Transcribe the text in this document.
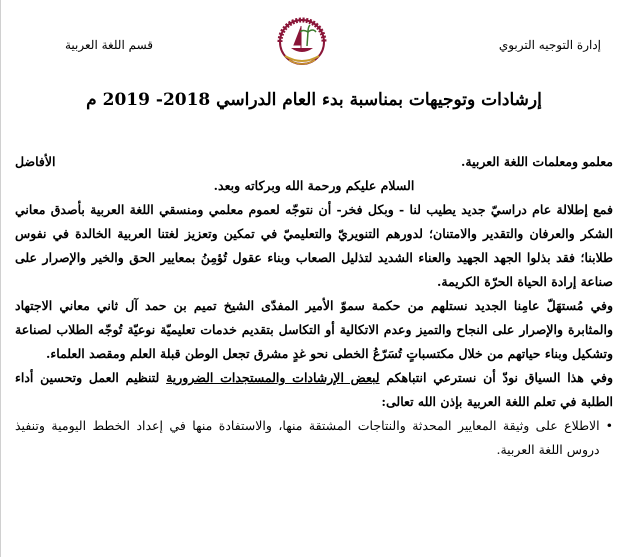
إدارة التوجيه التربوي
قسم اللغة العربية
إرشادات وتوجيهات بمناسبة بدء العام الدراسي 2018- 2019 م
معلمو ومعلمات اللغة العربية.
الأفاضل
السلام عليكم ورحمة الله وبركاته وبعد.

فمع إطلالة عام دراسيّ جديد يطيب لنا - وبكل فخر- أن نتوجّه لعموم معلمي ومنسقي اللغة العربية بأصدق معاني الشكر والعرفان والتقدير والامتنان؛ لدورهم التنويريّ والتعليميّ في تمكين وتعزيز لغتنا العربية الخالدة في نفوس طلابنا؛ فقد بذلوا الجهد الجهيد والعناء الشديد لتذليل الصعاب وبناء عقول تُؤمِنُ بمعايير الحق والخير والإصرار على صناعة إرادة الحياة الحرّة الكريمة.

وفي مُستهَلّ عامِنا الجديد نستلهم من حكمة سموّ الأمير المفدّى الشيخ تميم بن حمد آل ثاني معاني الاجتهاد والمثابرة والإصرار على النجاح والتميز وعدم الاتكالية أو التكاسل بتقديم خدمات تعليميّة نوعيّة تُوجّه الطلاب لصناعة وتشكيل وبناء حياتهم من خلال مكتسباتٍ تُسَرّعُ الخطى نحو غدٍ مشرق تجعل الوطن قبلة العلم ومقصد العلماء.

وفي هذا السياق نودّ أن نسترعي انتباهكم لبعض الإرشادات والمستجدات الضرورية لتنظيم العمل وتحسين أداء الطلبة في تعلم اللغة العربية بإذن الله تعالى:

•

الاطلاع على وثيقة المعايير المحدثة والنتاجات المشتقة منها، والاستفادة منها في إعداد الخطط اليومية وتنفيذ دروس اللغة العربية.
